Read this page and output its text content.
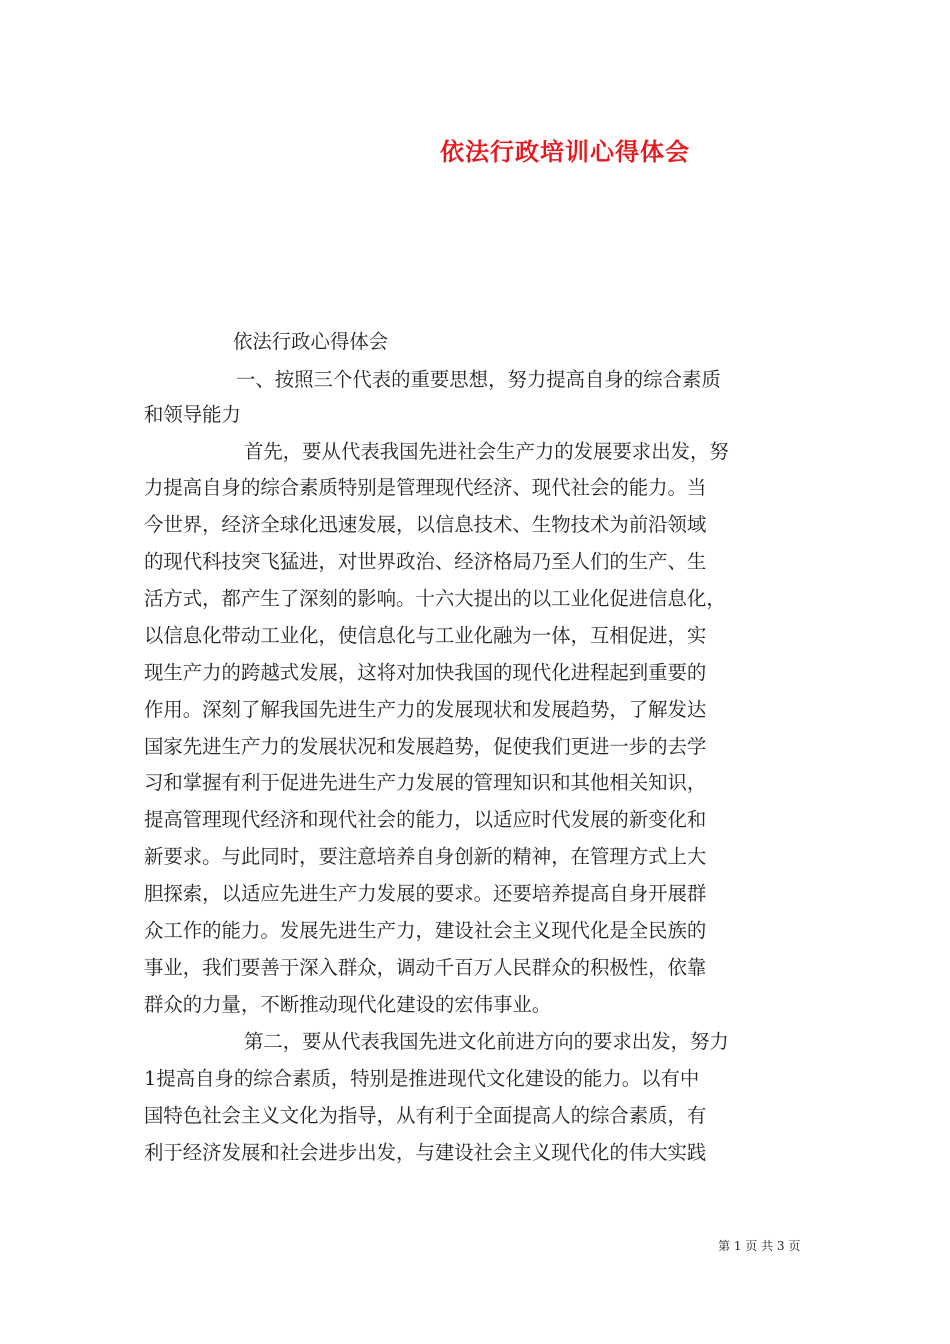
依法行政培训心得体会
依法行政心得体会
一、按照三个代表的重要思想，努力提高自身的综合素质
和领导能力
首先，要从代表我国先进社会生产力的发展要求出发，努
力提高自身的综合素质特别是管理现代经济、现代社会的能力。当
今世界，经济全球化迅速发展，以信息技术、生物技术为前沿领域
的现代科技突飞猛进，对世界政治、经济格局乃至人们的生产、生
活方式，都产生了深刻的影响。十六大提出的以工业化促进信息化，
以信息化带动工业化，使信息化与工业化融为一体，互相促进，实
现生产力的跨越式发展，这将对加快我国的现代化进程起到重要的
作用。深刻了解我国先进生产力的发展现状和发展趋势，了解发达
国家先进生产力的发展状况和发展趋势，促使我们更进一步的去学
习和掌握有利于促进先进生产力发展的管理知识和其他相关知识，
提高管理现代经济和现代社会的能力，以适应时代发展的新变化和
新要求。与此同时，要注意培养自身创新的精神，在管理方式上大
胆探索，以适应先进生产力发展的要求。还要培养提高自身开展群
众工作的能力。发展先进生产力，建设社会主义现代化是全民族的
事业，我们要善于深入群众，调动千百万人民群众的积极性，依靠
群众的力量，不断推动现代化建设的宏伟事业。
第二，要从代表我国先进文化前进方向的要求出发，努力
1提高自身的综合素质，特别是推进现代文化建设的能力。以有中
国特色社会主义文化为指导，从有利于全面提高人的综合素质，有
利于经济发展和社会进步出发，与建设社会主义现代化的伟大实践
第 1 页 共 3 页
